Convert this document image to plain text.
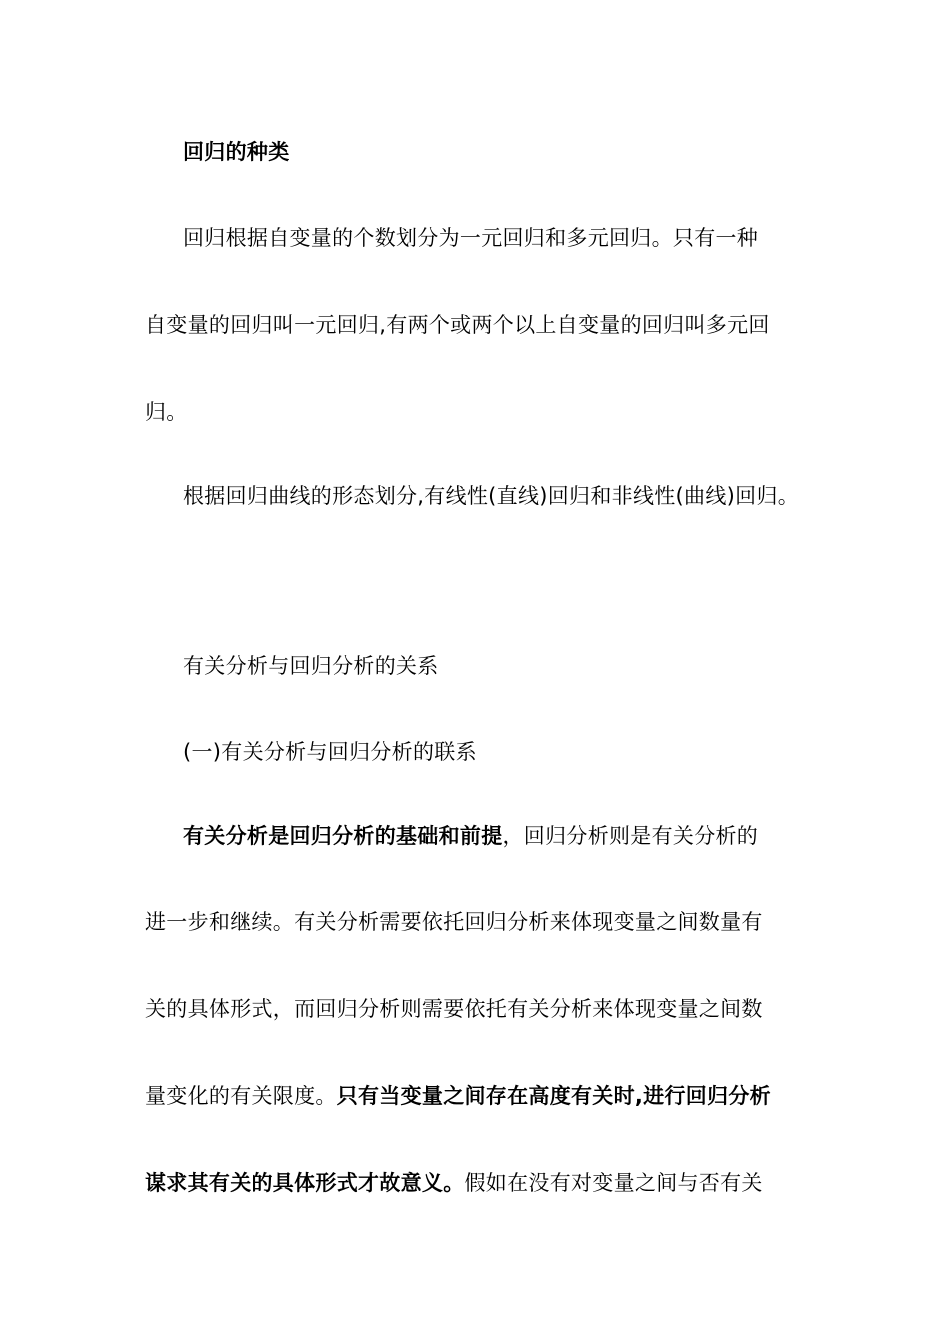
回归的种类
回归根据自变量的个数划分为一元回归和多元回归。只有一种
自变量的回归叫一元回归,有两个或两个以上自变量的回归叫多元回
归。
根据回归曲线的形态划分,有线性(直线)回归和非线性(曲线)回归。
有关分析与回归分析的关系
(一)有关分析与回归分析的联系
有关分析是回归分析的基础和前提，回归分析则是有关分析的
进一步和继续。有关分析需要依托回归分析来体现变量之间数量有
关的具体形式，而回归分析则需要依托有关分析来体现变量之间数
量变化的有关限度。只有当变量之间存在高度有关时,进行回归分析
谋求其有关的具体形式才故意义。假如在没有对变量之间与否有关
